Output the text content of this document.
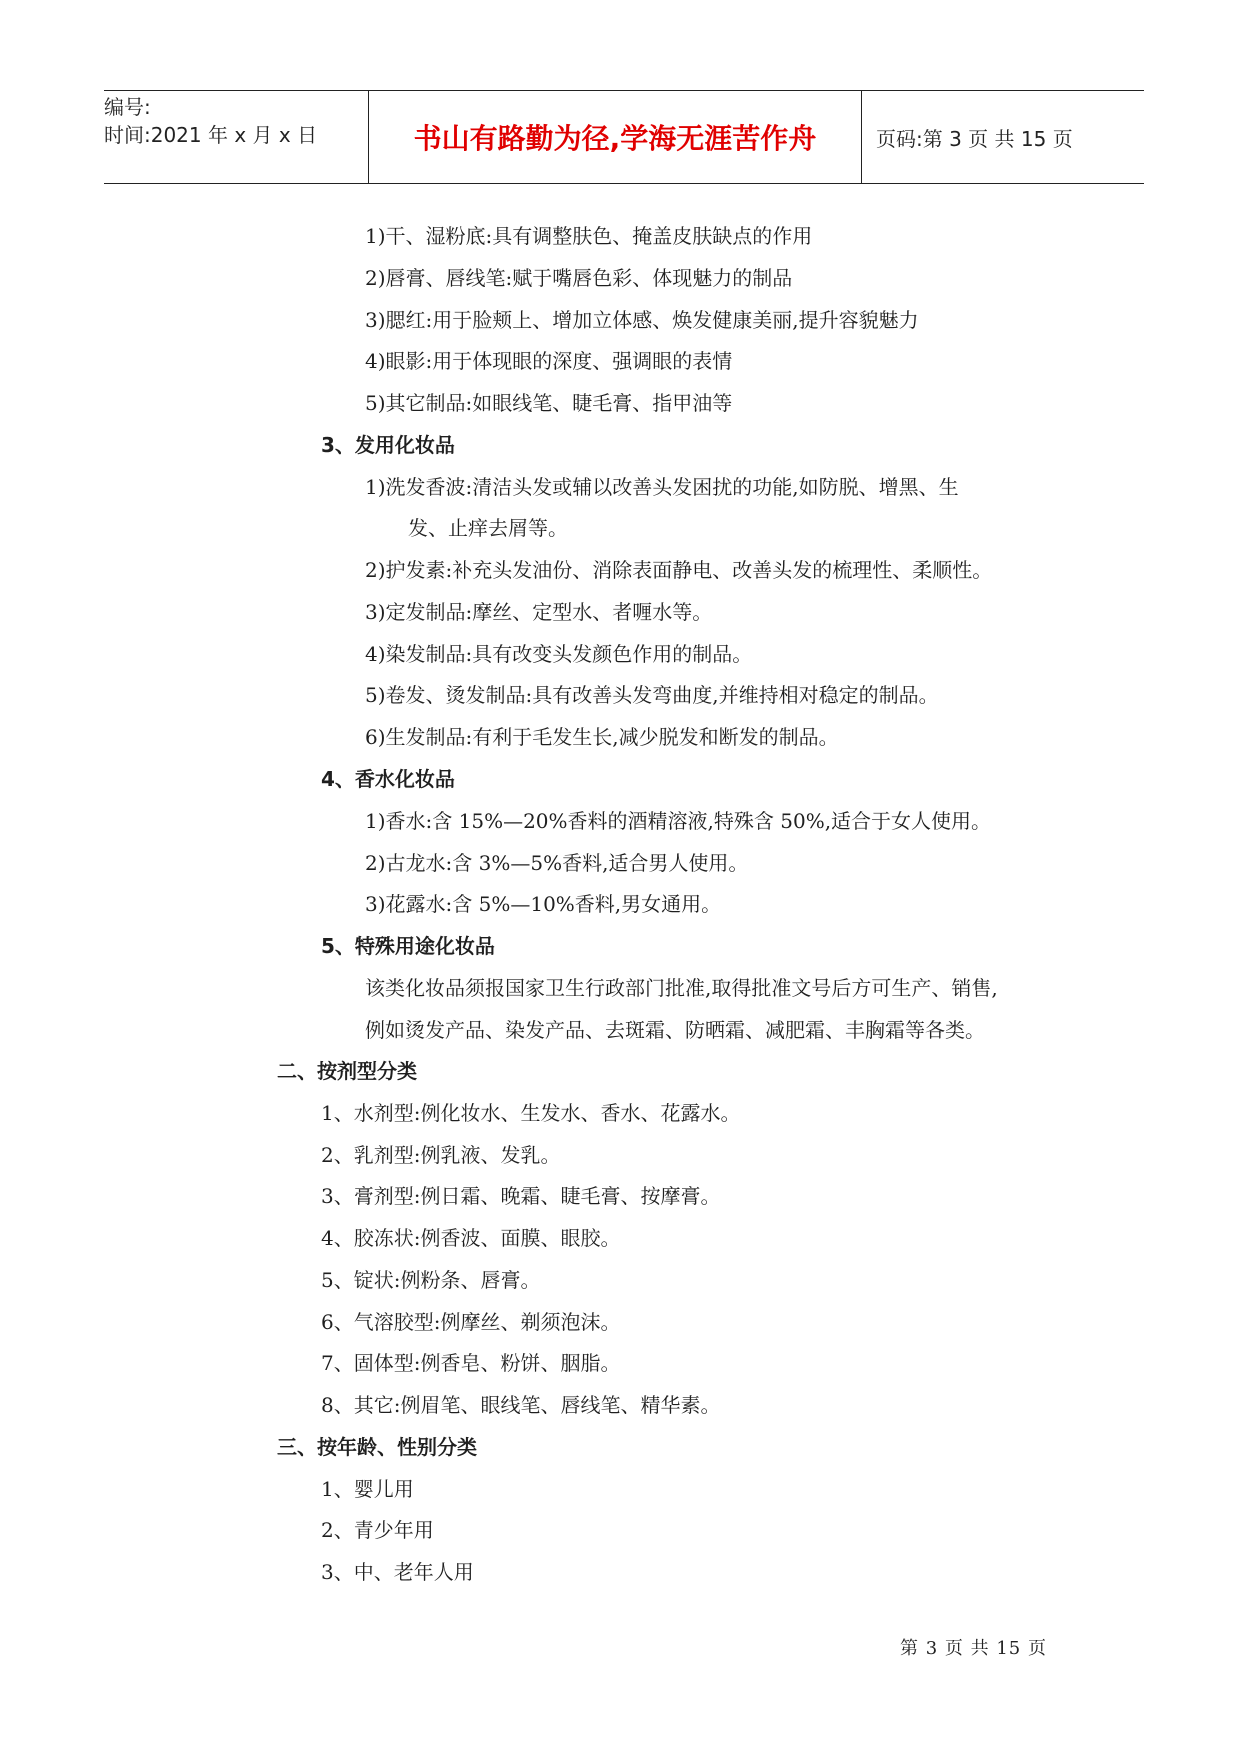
编号:
时间:2021 年 x 月 x 日	书山有路勤为径,学海无涯苦作舟	页码:第 3 页 共 15 页
1)干、湿粉底:具有调整肤色、掩盖皮肤缺点的作用
2)唇膏、唇线笔:赋于嘴唇色彩、体现魅力的制品
3)腮红:用于脸颊上、增加立体感、焕发健康美丽,提升容貌魅力
4)眼影:用于体现眼的深度、强调眼的表情
5)其它制品:如眼线笔、睫毛膏、指甲油等
3、发用化妆品
1)洗发香波:清洁头发或辅以改善头发困扰的功能,如防脱、增黑、生
发、止痒去屑等。
2)护发素:补充头发油份、消除表面静电、改善头发的梳理性、柔顺性。
3)定发制品:摩丝、定型水、者喱水等。
4)染发制品:具有改变头发颜色作用的制品。
5)卷发、烫发制品:具有改善头发弯曲度,并维持相对稳定的制品。
6)生发制品:有利于毛发生长,减少脱发和断发的制品。
4、香水化妆品
1)香水:含 15%—20%香料的酒精溶液,特殊含 50%,适合于女人使用。
2)古龙水:含 3%—5%香料,适合男人使用。
3)花露水:含 5%—10%香料,男女通用。
5、特殊用途化妆品
该类化妆品须报国家卫生行政部门批准,取得批准文号后方可生产、销售,
例如烫发产品、染发产品、去斑霜、防晒霜、减肥霜、丰胸霜等各类。
二、按剂型分类
1、水剂型:例化妆水、生发水、香水、花露水。
2、乳剂型:例乳液、发乳。
3、膏剂型:例日霜、晚霜、睫毛膏、按摩膏。
4、胶冻状:例香波、面膜、眼胶。
5、锭状:例粉条、唇膏。
6、气溶胶型:例摩丝、剃须泡沫。
7、固体型:例香皂、粉饼、胭脂。
8、其它:例眉笔、眼线笔、唇线笔、精华素。
三、按年龄、性别分类
1、婴儿用
2、青少年用
3、中、老年人用
第 3 页 共 15 页
